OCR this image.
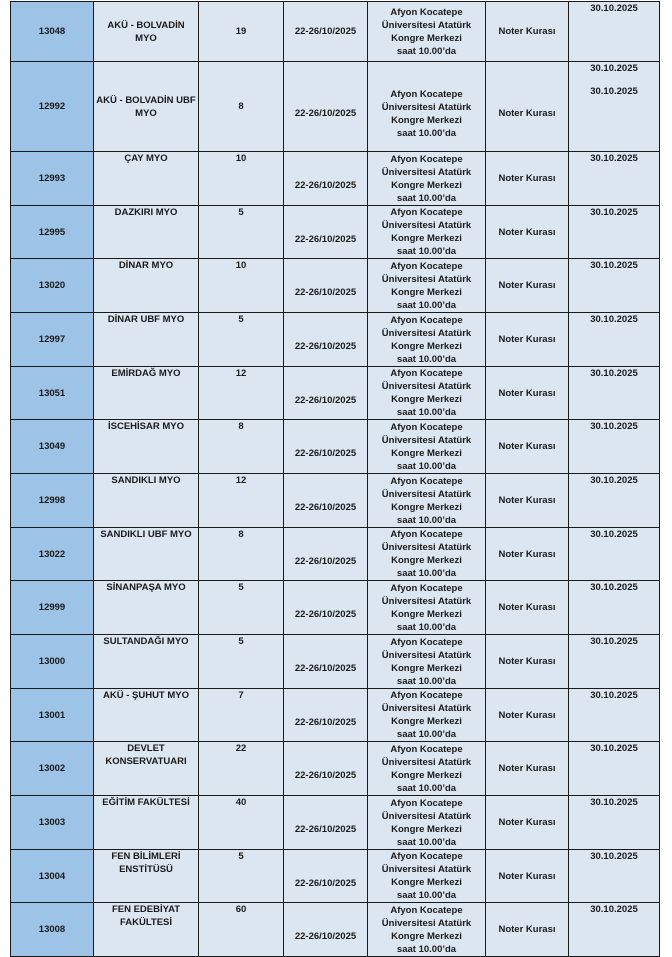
13048	AKÜ - BOLVADİN MYO	19	22-26/10/2025	Afyon Kocatepe
Üniversitesi Atatürk
Kongre Merkezi
saat 10.00’da	Noter Kurası	30.10.2025

12992	AKÜ - BOLVADİN UBF MYO	8	22-26/10/2025	Afyon Kocatepe
Üniversitesi Atatürk
Kongre Merkezi
saat 10.00’da	Noter Kurası	30.10.2025
30.10.2025

12993	ÇAY MYO	10	22-26/10/2025	Afyon Kocatepe
Üniversitesi Atatürk
Kongre Merkezi
saat 10.00’da	Noter Kurası	30.10.2025

12995	DAZKIRI MYO	5	22-26/10/2025	Afyon Kocatepe
Üniversitesi Atatürk
Kongre Merkezi
saat 10.00’da	Noter Kurası	30.10.2025

13020	DİNAR MYO	10	22-26/10/2025	Afyon Kocatepe
Üniversitesi Atatürk
Kongre Merkezi
saat 10.00’da	Noter Kurası	30.10.2025

12997	DİNAR UBF MYO	5	22-26/10/2025	Afyon Kocatepe
Üniversitesi Atatürk
Kongre Merkezi
saat 10.00’da	Noter Kurası	30.10.2025

13051	EMİRDAĞ MYO	12	22-26/10/2025	Afyon Kocatepe
Üniversitesi Atatürk
Kongre Merkezi
saat 10.00’da	Noter Kurası	30.10.2025

13049	İSCEHİSAR MYO	8	22-26/10/2025	Afyon Kocatepe
Üniversitesi Atatürk
Kongre Merkezi
saat 10.00’da	Noter Kurası	30.10.2025

12998	SANDIKLI MYO	12	22-26/10/2025	Afyon Kocatepe
Üniversitesi Atatürk
Kongre Merkezi
saat 10.00’da	Noter Kurası	30.10.2025

13022	SANDIKLI UBF MYO	8	22-26/10/2025	Afyon Kocatepe
Üniversitesi Atatürk
Kongre Merkezi
saat 10.00’da	Noter Kurası	30.10.2025

12999	SİNANPAŞA MYO	5	22-26/10/2025	Afyon Kocatepe
Üniversitesi Atatürk
Kongre Merkezi
saat 10.00’da	Noter Kurası	30.10.2025

13000	SULTANDAĞI MYO	5	22-26/10/2025	Afyon Kocatepe
Üniversitesi Atatürk
Kongre Merkezi
saat 10.00’da	Noter Kurası	30.10.2025

13001	AKÜ - ŞUHUT MYO	7	22-26/10/2025	Afyon Kocatepe
Üniversitesi Atatürk
Kongre Merkezi
saat 10.00’da	Noter Kurası	30.10.2025

13002	DEVLET KONSERVATUARI	22	22-26/10/2025	Afyon Kocatepe
Üniversitesi Atatürk
Kongre Merkezi
saat 10.00’da	Noter Kurası	30.10.2025

13003	EĞİTİM FAKÜLTESİ	40	22-26/10/2025	Afyon Kocatepe
Üniversitesi Atatürk
Kongre Merkezi
saat 10.00’da	Noter Kurası	30.10.2025

13004	FEN BİLİMLERİ ENSTİTÜSÜ	5	22-26/10/2025	Afyon Kocatepe
Üniversitesi Atatürk
Kongre Merkezi
saat 10.00’da	Noter Kurası	30.10.2025

13008	FEN EDEBİYAT FAKÜLTESİ	60	22-26/10/2025	Afyon Kocatepe
Üniversitesi Atatürk
Kongre Merkezi
saat 10.00’da	Noter Kurası	30.10.2025
